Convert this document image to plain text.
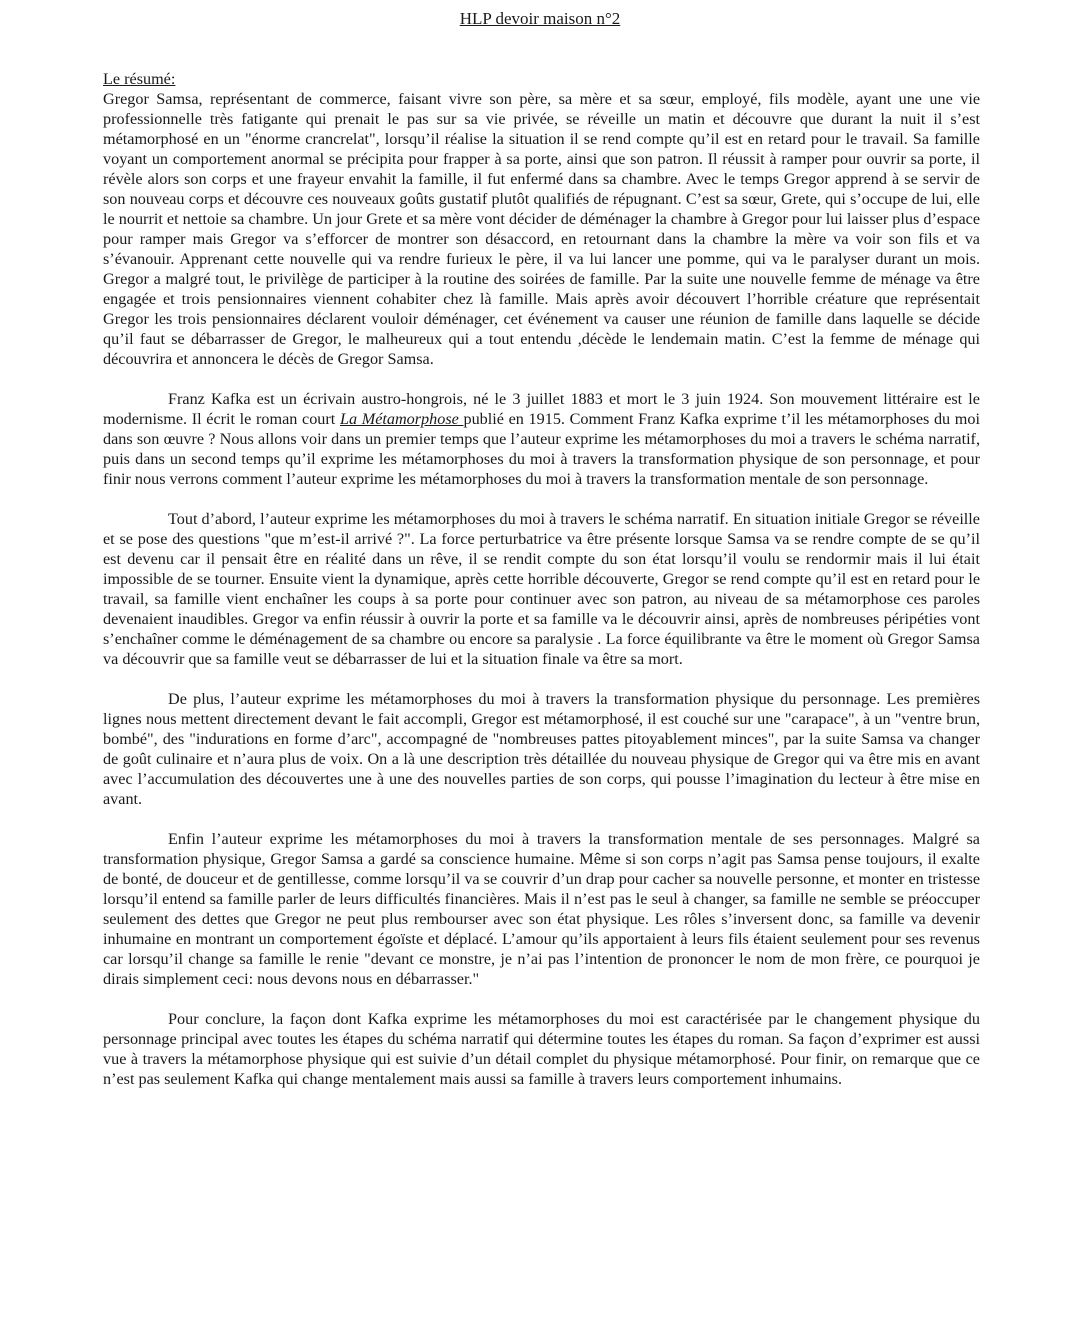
HLP devoir maison n°2

Le résumé:
Gregor Samsa, représentant de commerce, faisant vivre son père, sa mère et sa sœur, employé, fils modèle, ayant une une vie professionnelle très fatigante qui prenait le pas sur sa vie privée, se réveille un matin et découvre que durant la nuit il s’est métamorphosé en un "énorme crancrelat", lorsqu’il réalise la situation il se rend compte qu’il est en retard pour le travail. Sa famille voyant un comportement anormal se précipita pour frapper à sa porte, ainsi que son patron. Il réussit à ramper pour ouvrir sa porte, il révèle alors son corps et une frayeur envahit la famille, il fut enfermé dans sa chambre. Avec le temps Gregor apprend à se servir de son nouveau corps et découvre ces nouveaux goûts gustatif plutôt qualifiés de répugnant. C’est sa sœur, Grete, qui s’occupe de lui, elle le nourrit et nettoie sa chambre. Un jour Grete et sa mère vont décider de déménager la chambre à Gregor pour lui laisser plus d’espace pour ramper mais Gregor va s’efforcer de montrer son désaccord, en retournant dans la chambre la mère va voir son fils et va s’évanouir. Apprenant cette nouvelle qui va rendre furieux le père, il va lui lancer une pomme, qui va le paralyser durant un mois. Gregor a malgré tout, le privilège de participer à la routine des soirées de famille. Par la suite une nouvelle femme de ménage va être engagée et trois pensionnaires viennent cohabiter chez là famille. Mais après avoir découvert l’horrible créature que représentait Gregor les trois pensionnaires déclarent vouloir déménager, cet événement va causer une réunion de famille dans laquelle se décide qu’il faut se débarrasser de Gregor, le malheureux qui a tout entendu ,décède le lendemain matin. C’est la femme de ménage qui découvrira et annoncera le décès de Gregor Samsa.

Franz Kafka est un écrivain austro-hongrois, né le 3 juillet 1883 et mort le 3 juin 1924. Son mouvement littéraire est le modernisme. Il écrit le roman court La Métamorphose publié en 1915. Comment Franz Kafka exprime t’il les métamorphoses du moi dans son œuvre ? Nous allons voir dans un premier temps que l’auteur exprime les métamorphoses du moi a travers le schéma narratif, puis dans un second temps qu’il exprime les métamorphoses du moi à travers la transformation physique de son personnage, et pour finir nous verrons comment l’auteur exprime les métamorphoses du moi à travers la transformation mentale de son personnage.

Tout d’abord, l’auteur exprime les métamorphoses du moi à travers le schéma narratif. En situation initiale Gregor se réveille et se pose des questions "que m’est-il arrivé ?". La force perturbatrice va être présente lorsque Samsa va se rendre compte de se qu’il est devenu car il pensait être en réalité dans un rêve, il se rendit compte du son état lorsqu’il voulu se rendormir mais il lui était impossible de se tourner. Ensuite vient la dynamique, après cette horrible découverte, Gregor se rend compte qu’il est en retard pour le travail, sa famille vient enchaîner les coups à sa porte pour continuer avec son patron, au niveau de sa métamorphose ces paroles devenaient inaudibles. Gregor va enfin réussir à ouvrir la porte et sa famille va le découvrir ainsi, après de nombreuses péripéties vont s’enchaîner comme le déménagement de sa chambre ou encore sa paralysie . La force équilibrante va être le moment où Gregor Samsa va découvrir que sa famille veut se débarrasser de lui et la situation finale va être sa mort.

De plus, l’auteur exprime les métamorphoses du moi à travers la transformation physique du personnage. Les premières lignes nous mettent directement devant le fait accompli, Gregor est métamorphosé, il est couché sur une "carapace", à un "ventre brun, bombé", des "indurations en forme d’arc", accompagné de "nombreuses pattes pitoyablement minces", par la suite Samsa va changer de goût culinaire et n’aura plus de voix. On a là une description très détaillée du nouveau physique de Gregor qui va être mis en avant avec l’accumulation des découvertes une à une des nouvelles parties de son corps, qui pousse l’imagination du lecteur à être mise en avant.

Enfin l’auteur exprime les métamorphoses du moi à travers la transformation mentale de ses personnages. Malgré sa transformation physique, Gregor Samsa a gardé sa conscience humaine. Même si son corps n’agit pas Samsa pense toujours, il exalte de bonté, de douceur et de gentillesse, comme lorsqu’il va se couvrir d’un drap pour cacher sa nouvelle personne, et monter en tristesse lorsqu’il entend sa famille parler de leurs difficultés financières. Mais il n’est pas le seul à changer, sa famille ne semble se préoccuper seulement des dettes que Gregor ne peut plus rembourser avec son état physique. Les rôles s’inversent donc, sa famille va devenir inhumaine en montrant un comportement égoïste et déplacé. L’amour qu’ils apportaient à leurs fils étaient seulement pour ses revenus car lorsqu’il change sa famille le renie "devant ce monstre, je n’ai pas l’intention de prononcer le nom de mon frère, ce pourquoi je dirais simplement ceci: nous devons nous en débarrasser."

Pour conclure, la façon dont Kafka exprime les métamorphoses du moi est caractérisée par le changement physique du personnage principal avec toutes les étapes du schéma narratif qui détermine toutes les étapes du roman. Sa façon d’exprimer est aussi vue à travers la métamorphose physique qui est suivie d’un détail complet du physique métamorphosé. Pour finir, on remarque que ce n’est pas seulement Kafka qui change mentalement mais aussi sa famille à travers leurs comportement inhumains.
